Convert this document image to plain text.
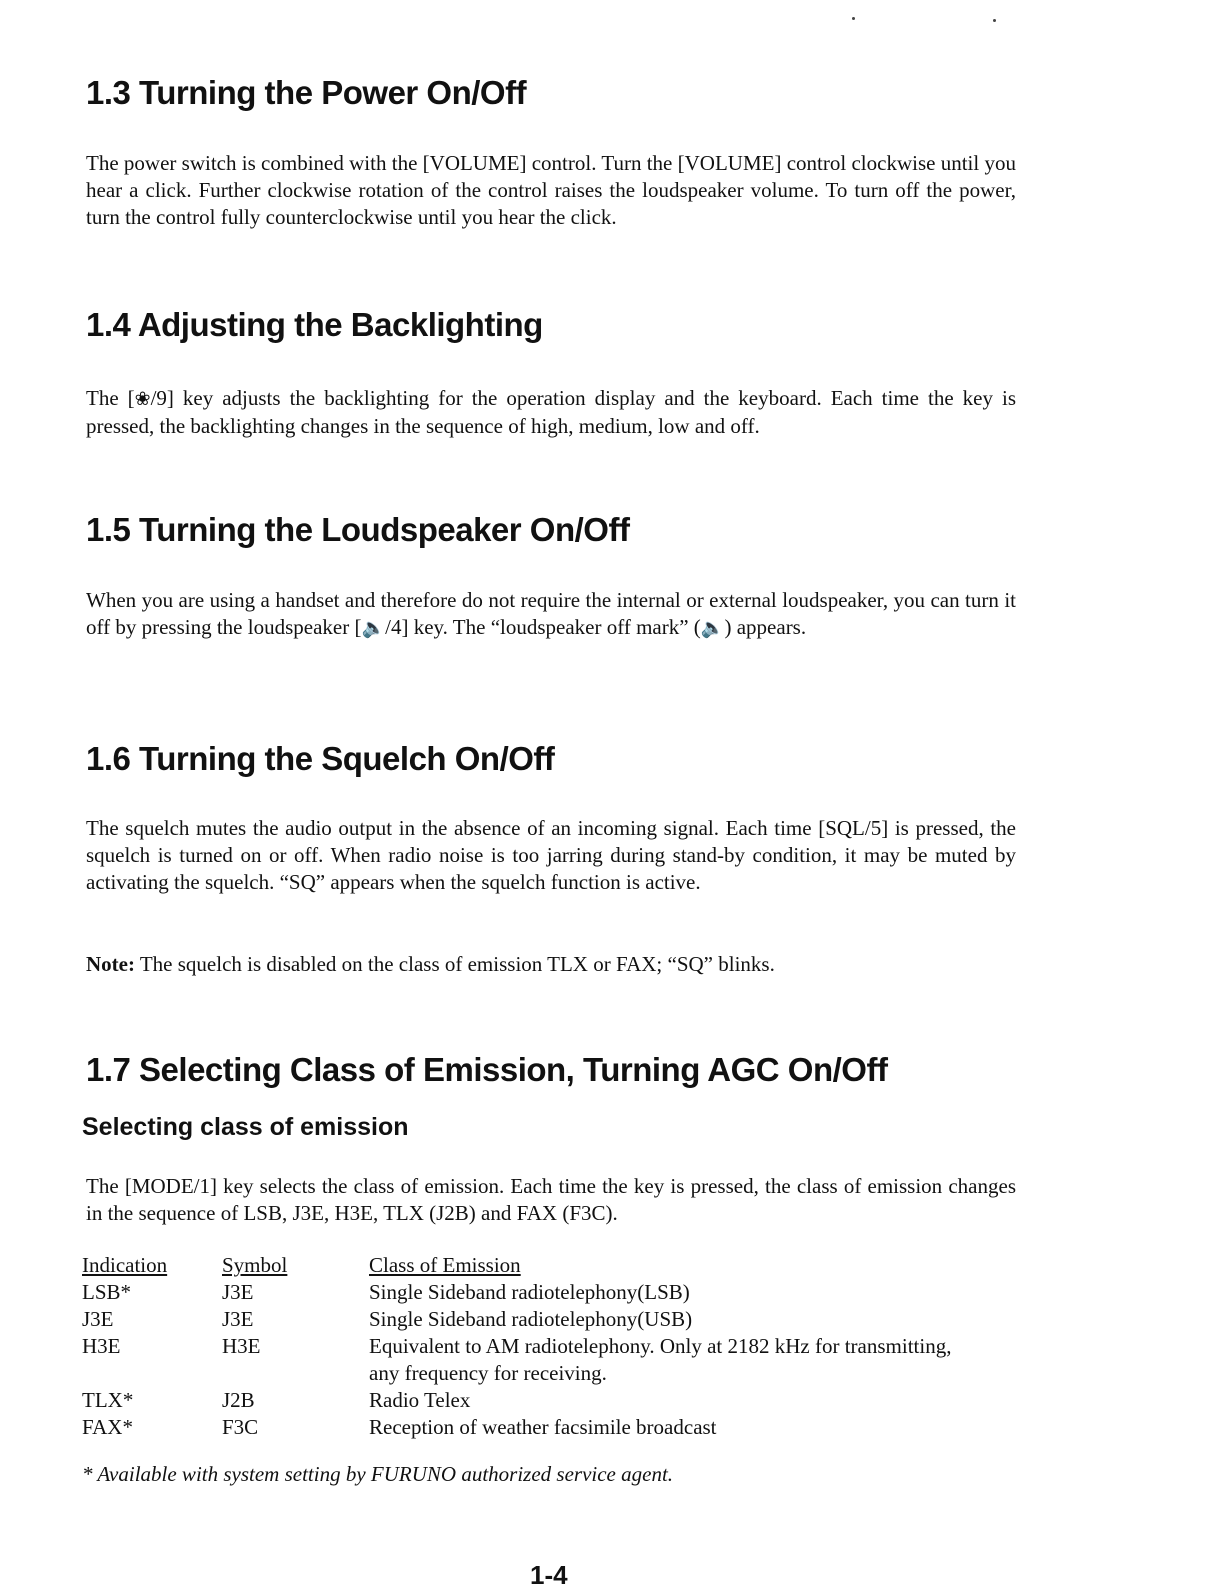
1.3 Turning the Power On/Off

The power switch is combined with the [VOLUME] control. Turn the [VOLUME] control clockwise until you hear a click. Further clockwise rotation of the control raises the loudspeaker volume. To turn off the power, turn the control fully counterclockwise until you hear the click.

1.4 Adjusting the Backlighting

The [❀/9] key adjusts the backlighting for the operation display and the keyboard. Each time the key is pressed, the backlighting changes in the sequence of high, medium, low and off.

1.5 Turning the Loudspeaker On/Off

When you are using a handset and therefore do not require the internal or external loudspeaker, you can turn it off by pressing the loudspeaker [🔈/4] key. The “loudspeaker off mark” (🔈) appears.

1.6 Turning the Squelch On/Off

The squelch mutes the audio output in the absence of an incoming signal. Each time [SQL/5] is pressed, the squelch is turned on or off. When radio noise is too jarring during stand-by condition, it may be muted by activating the squelch. “SQ” appears when the squelch function is active.

Note: The squelch is disabled on the class of emission TLX or FAX; “SQ” blinks.

1.7 Selecting Class of Emission, Turning AGC On/Off
Selecting class of emission

The [MODE/1] key selects the class of emission. Each time the key is pressed, the class of emission changes in the sequence of LSB, J3E, H3E, TLX (J2B) and FAX (F3C).

Indication	Symbol	Class of Emission
LSB*	J3E	Single Sideband radiotelephony(LSB)
J3E	J3E	Single Sideband radiotelephony(USB)
H3E	H3E	Equivalent to AM radiotelephony. Only at 2182 kHz for transmitting, any frequency for receiving.
TLX*	J2B	Radio Telex
FAX*	F3C	Reception of weather facsimile broadcast
* Available with system setting by FURUNO authorized service agent.
1-4
